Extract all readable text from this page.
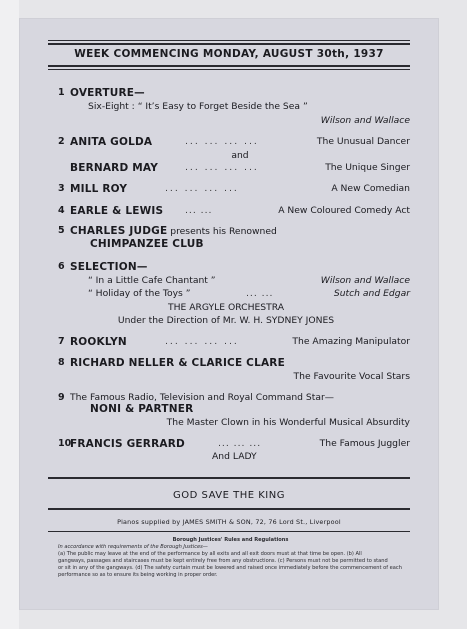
WEEK COMMENCING MONDAY, AUGUST 30th, 1937
1 OVERTURE—
Six-Eight : “ It’s Easy to Forget Beside the Sea ”
Wilson and Wallace
2 ANITA GOLDA	... ... ... ...	The Unusual Dancer
and
BERNARD MAY	... ... ... ...	The Unique Singer
3 MILL ROY	... ... ... ...	A New Comedian
4 EARLE & LEWIS ... ...	A New Coloured Comedy Act
5 CHARLES JUDGE presents his Renowned
CHIMPANZEE CLUB
6 SELECTION—
“ In a Little Cafe Chantant ”	Wilson and Wallace
“ Holiday of the Toys ”	... ...	Sutch and Edgar
THE ARGYLE ORCHESTRA
Under the Direction of Mr. W. H. SYDNEY JONES
7 ROOKLYN	... ... ... ...	The Amazing Manipulator
8 RICHARD NELLER & CLARICE CLARE
The Favourite Vocal Stars
9 The Famous Radio, Television and Royal Command Star—
NONI & PARTNER
The Master Clown in his Wonderful Musical Absurdity
10
FRANCIS GERRARD	... ... ...	The Famous Juggler
And LADY
GOD SAVE THE KING
Pianos supplied by JAMES SMITH & SON, 72, 76 Lord St., Liverpool
Borough Justices' Rules and Regulations
In accordance with requirements of the Borough Justices—
(a) The public may leave at the end of the performance by all exits and all exit doors must at that time be open. (b) All
gangways, passages and staircases must be kept entirely free from any obstructions. (c) Persons must not be permitted to stand
or sit in any of the gangways. (d) The safety curtain must be lowered and raised once immediately before the commencement of each
performance so as to ensure its being working in proper order.
